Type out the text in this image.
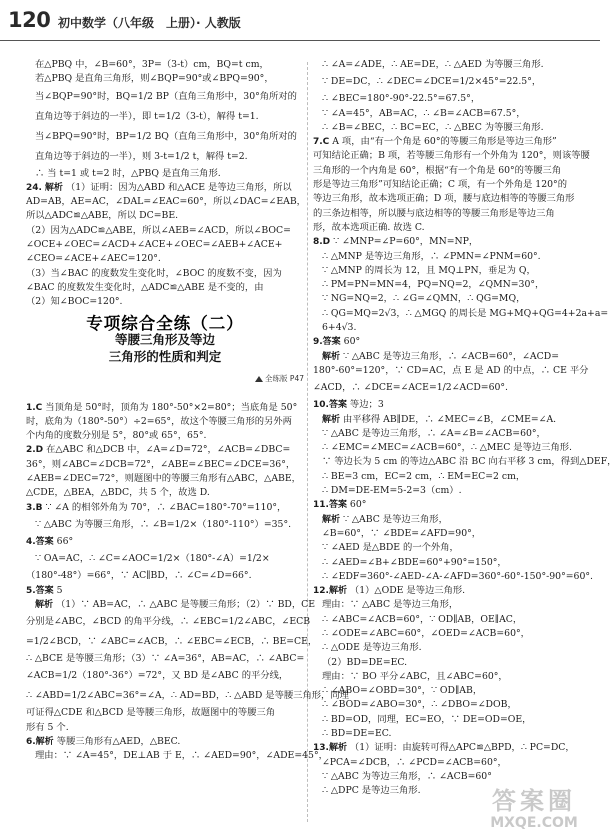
120 初中数学（八年级　上册）· 人教版
在△PBQ 中，∠B=60°，3P=（3-t）cm，BQ=t cm，
若△PBQ 是直角三角形，则∠BQP=90°或∠BPQ=90°，
当∠BQP=90°时，BQ=1/2 BP（直角三角形中，30°角所对的
直角边等于斜边的一半），即 t=1/2（3-t），解得 t=1.
当∠BPQ=90°时，BP=1/2 BQ（直角三角形中，30°角所对的
直角边等于斜边的一半），则 3-t=1/2 t，解得 t=2.
∴ 当 t=1 或 t=2 时，△PBQ 是直角三角形.
24. 解析 （1）证明：因为△ABD 和△ACE 是等边三角形，所以
AD=AB，AE=AC，∠DAL=∠EAC=60°，所以∠DAC=∠EAB，
所以△ADC≌△ABE，所以 DC=BE.
（2）因为△ADC≌△ABE，所以∠AEB=∠ACD，所以∠BOC=
∠OCE+∠OEC=∠ACD+∠ACE+∠OEC=∠AEB+∠ACE+
∠CEO=∠ACE+∠AEC=120°.
（3）当∠BAC 的度数发生变化时，∠BOC 的度数不变，因为
∠BAC 的度数发生变化时，△ADC≌△ABE 是不变的，由
（2）知∠BOC=120°.
专项综合全练（二）
等腰三角形及等边
三角形的性质和判定
全练版 P47
1.C 当顶角是 50°时，顶角为 180°-50°×2=80°；当底角是 50°
时，底角为（180°-50°）÷2=65°，故这个等腰三角形的另外两
个内角的度数分别是 5°，80°或 65°，65°.
2.D 在△ABC 和△DCB 中，∠A=∠D=72°，∠ACB=∠DBC=
36°，则∠ABC=∠DCB=72°，∠ABE=∠BEC=∠DCE=36°，
∠AEB=∠DEC=72°，则题图中的等腰三角形有△ABC，△ABE，
△CDE，△BEA，△BDC，共 5 个，故选 D.
3.B ∵ ∠A 的相邻外角为 70°，∴ ∠BAC=180°-70°=110°，
∵ △ABC 为等腰三角形，∴ ∠B=1/2×（180°-110°）=35°.
4.答案 66°
∵ OA=AC，∴ ∠C=∠AOC=1/2×（180°-∠A）=1/2×
（180°-48°）=66°，∵ AC∥BD，∴ ∠C=∠D=66°.
5.答案 5
解析 （1）∵ AB=AC，∴ △ABC 是等腰三角形；（2）∵ BD，CE
分别是∠ABC，∠BCD 的角平分线，∴ ∠EBC=1/2∠ABC，∠ECB
=1/2∠BCD，∵ ∠ABC=∠ACB，∴ ∠EBC=∠ECB，∴ BE=CE，
∴ △BCE 是等腰三角形；（3）∵ ∠A=36°，AB=AC，∴ ∠ABC=
∠ACB=1/2（180°-36°）=72°，又 BD 是∠ABC 的平分线，
∴ ∠ABD=1/2∠ABC=36°=∠A，∴ AD=BD，∴ △ABD 是等腰三角形，同理
可证得△CDE 和△BCD 是等腰三角形，故题图中的等腰三角
形有 5 个.
6.解析 等腰三角形有△AED，△BEC.
理由：∵ ∠A=45°，DE⊥AB 于 E，∴ ∠AED=90°，∠ADE=45°，
∴ ∠A=∠ADE，∴ AE=DE，∴ △AED 为等腰三角形.
∵ DE=DC，∴ ∠DEC=∠DCE=1/2×45°=22.5°，
∴ ∠BEC=180°-90°-22.5°=67.5°，
∵ ∠A=45°，AB=AC，∴ ∠B=∠ACB=67.5°，
∴ ∠B=∠BEC，∴ BC=EC，∴ △BEC 为等腰三角形.
7.C A 项，由“有一个角是 60°的等腰三角形是等边三角形”
可知结论正确；B 项，若等腰三角形有一个外角为 120°，则该等腰
三角形的一个内角是 60°，根据“有一个角是 60°的等腰三角
形是等边三角形”可知结论正确；C 项，有一个外角是 120°的
等边三角形，故本选项正确；D 项，腰与底边相等的等腰三角形
的三条边相等，所以腰与底边相等的等腰三角形是等边三角
形，故本选项正确. 故选 C.
8.D ∵ ∠MNP=∠P=60°，MN=NP，
∴ △MNP 是等边三角形，∴ ∠PMN=∠PNM=60°.
∵ △MNP 的周长为 12，且 MQ⊥PN，垂足为 Q，
∴ PM=PN=MN=4，PQ=NQ=2，∠QMN=30°，
∵ NG=NQ=2，∴ ∠G=∠QMN，∴ QG=MQ，
∴ QG=MQ=2√3，∴ △MGQ 的周长是 MG+MQ+QG=4+2a+a=
6+4√3.
9.答案 60°
解析 ∵ △ABC 是等边三角形，∴ ∠ACB=60°，∠ACD=
180°-60°=120°，∵ CD=AC，点 E 是 AD 的中点，∴ CE 平分
∠ACD，∴ ∠DCE=∠ACE=1/2∠ACD=60°.
10.答案 等边；3
解析 由平移得 AB∥DE，∴ ∠MEC=∠B，∠CME=∠A.
∵ △ABC 是等边三角形，∴ ∠A=∠B=∠ACB=60°，
∴ ∠EMC=∠MEC=∠ACB=60°，∴ △MEC 是等边三角形.
∵ 等边长为 5 cm 的等边△ABC 沿 BC 向右平移 3 cm，得到△DEF，
∴ BE=3 cm，EC=2 cm，∴ EM=EC=2 cm，
∴ DM=DE-EM=5-2=3（cm）.
11.答案 60°
解析 ∵ △ABC 是等边三角形，
∠B=60°，∵ ∠BDE=∠AFD=90°，
∵ ∠AED 是△BDE 的一个外角，
∴ ∠AED=∠B+∠BDE=60°+90°=150°，
∴ ∠EDF=360°-∠AED-∠A-∠AFD=360°-60°-150°-90°=60°.
12.解析 （1）△ODE 是等边三角形.
理由：∵ △ABC 是等边三角形，
∴ ∠ABC=∠ACB=60°，∵ OD∥AB，OE∥AC，
∴ ∠ODE=∠ABC=60°，∠OED=∠ACB=60°，
∴ △ODE 是等边三角形.
（2）BD=DE=EC.
理由：∵ BO 平分∠ABC，且∠ABC=60°，
∴ ∠ABO=∠OBD=30°，∵ OD∥AB，
∴ ∠BOD=∠ABO=30°，∴ ∠DBO=∠DOB，
∴ BD=OD，同理，EC=EO，∵ DE=OD=OE，
∴ BD=DE=EC.
13.解析 （1）证明：由旋转可得△APC≌△BPD，∴ PC=DC，
∠PCA=∠DCB，∴ ∠PCD=∠ACB=60°，
∵ △ABC 为等边三角形，∴ ∠ACB=60°
∴ △DPC 是等边三角形.	答案圈
MXQE.COM
